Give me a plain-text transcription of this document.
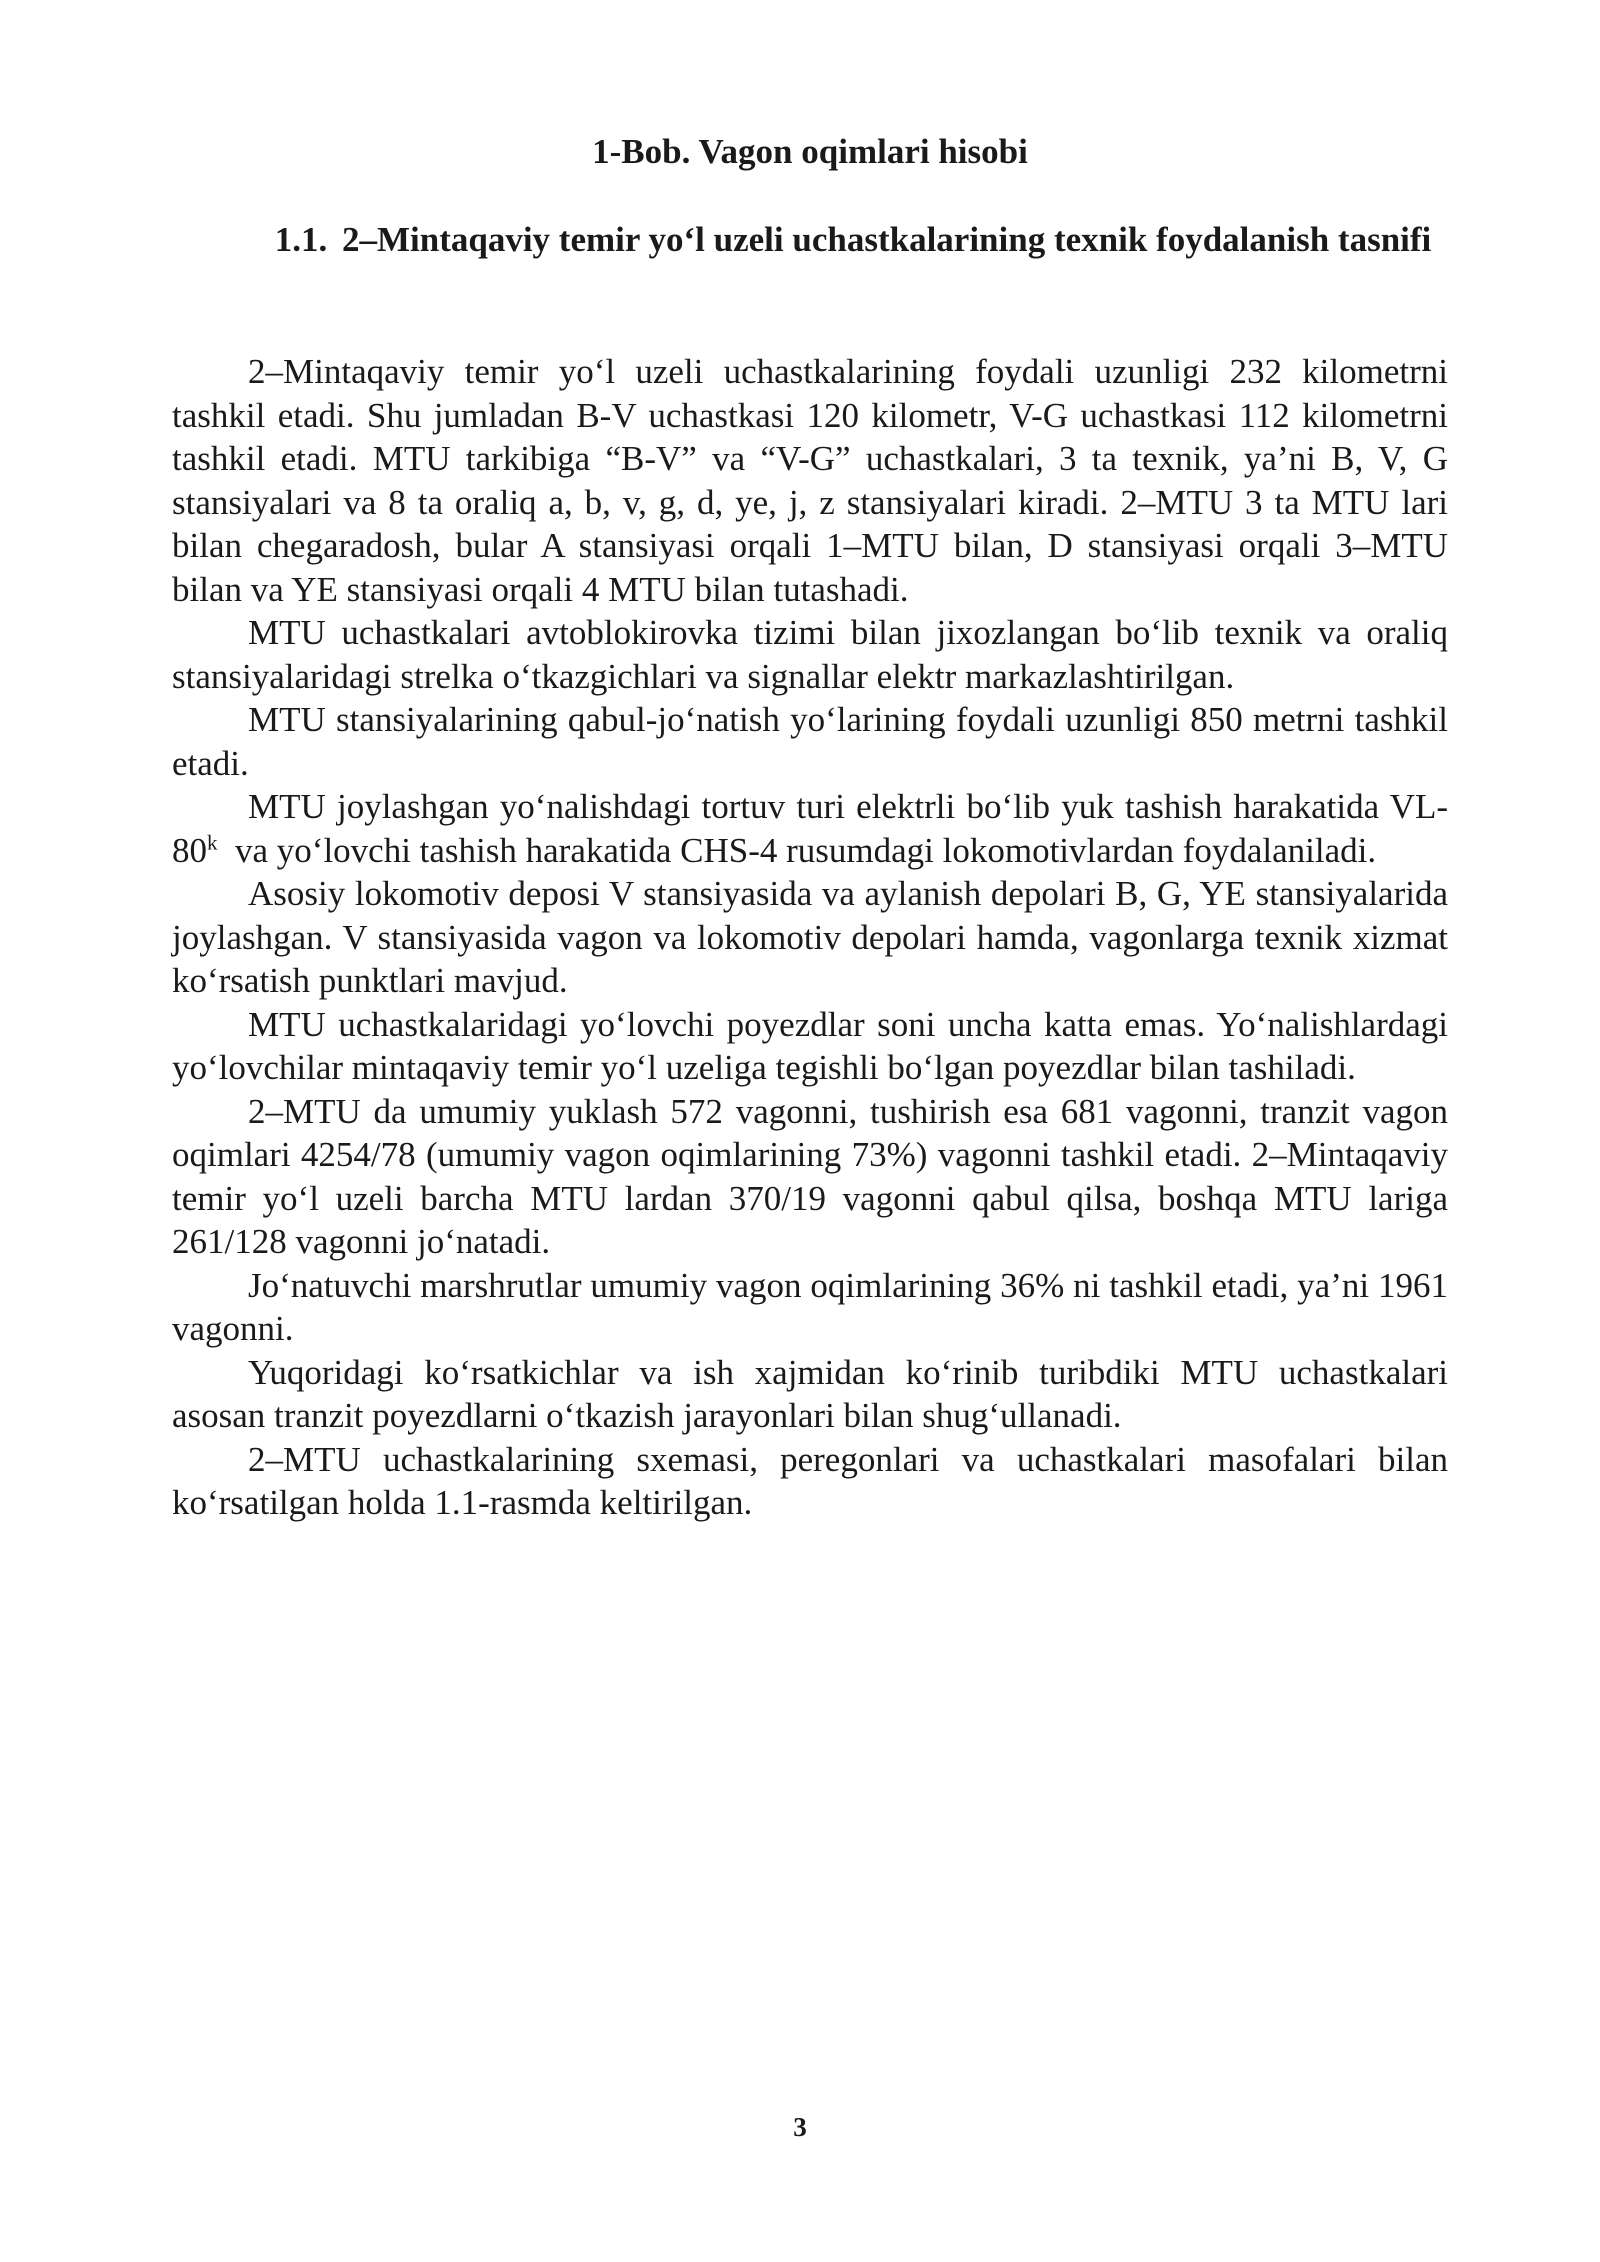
1-Bob. Vagon oqimlari hisobi
1.1. 2–Mintaqaviy temir yo‘l uzeli uchastkalarining texnik foydalanish tasnifi

2–Mintaqaviy temir yo‘l uzeli uchastkalarining foydali uzunligi 232 kilometrni tashkil etadi. Shu jumladan B-V uchastkasi 120 kilometr, V-G uchastkasi 112 kilometrni tashkil etadi. MTU tarkibiga “B-V” va “V-G” uchastkalari, 3 ta texnik, ya’ni B, V, G stansiyalari va 8 ta oraliq a, b, v, g, d, ye, j, z stansiyalari kiradi. 2–MTU 3 ta MTU lari bilan chegaradosh, bular A stansiyasi orqali 1–MTU bilan, D stansiyasi orqali 3–MTU bilan va YE stansiyasi orqali 4 MTU bilan tutashadi.

MTU uchastkalari avtoblokirovka tizimi bilan jixozlangan bo‘lib texnik va oraliq stansiyalaridagi strelka o‘tkazgichlari va signallar elektr markazlashtirilgan.

MTU stansiyalarining qabul-jo‘natish yo‘larining foydali uzunligi 850 metrni tashkil etadi.

MTU joylashgan yo‘nalishdagi tortuv turi elektrli bo‘lib yuk tashish harakatida VL-80$^k$  va yo‘lovchi tashish harakatida CHS-4 rusumdagi lokomotivlardan foydalaniladi.

Asosiy lokomotiv deposi V stansiyasida va aylanish depolari B, G, YE stansiyalarida joylashgan. V stansiyasida vagon va lokomotiv depolari hamda, vagonlarga texnik xizmat ko‘rsatish punktlari mavjud.

MTU uchastkalaridagi yo‘lovchi poyezdlar soni uncha katta emas. Yo‘nalishlardagi yo‘lovchilar mintaqaviy temir yo‘l uzeliga tegishli bo‘lgan poyezdlar bilan tashiladi.

2–MTU da umumiy yuklash 572 vagonni, tushirish esa 681 vagonni, tranzit vagon oqimlari 4254/78 (umumiy vagon oqimlarining 73%) vagonni tashkil etadi. 2–Mintaqaviy temir yo‘l uzeli barcha MTU lardan 370/19 vagonni qabul qilsa, boshqa MTU lariga 261/128 vagonni jo‘natadi.

Jo‘natuvchi marshrutlar umumiy vagon oqimlarining 36% ni tashkil etadi, ya’ni 1961 vagonni.

Yuqoridagi ko‘rsatkichlar va ish xajmidan ko‘rinib turibdiki MTU uchastkalari asosan tranzit poyezdlarni o‘tkazish jarayonlari bilan shug‘ullanadi.

2–MTU uchastkalarining sxemasi, peregonlari va uchastkalari masofalari bilan ko‘rsatilgan holda 1.1-rasmda keltirilgan.

3
